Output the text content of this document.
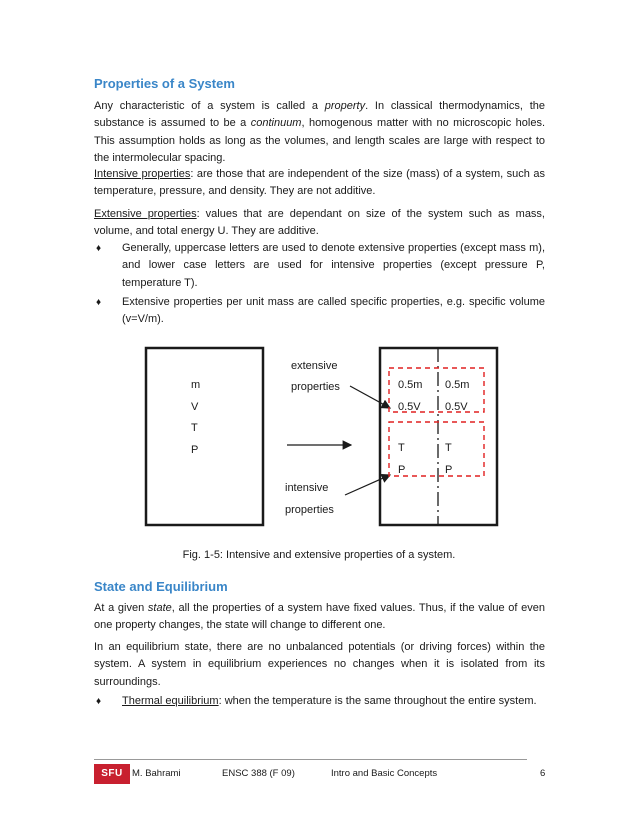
Properties of a System
Any characteristic of a system is called a property. In classical thermodynamics, the substance is assumed to be a continuum, homogenous matter with no microscopic holes. This assumption holds as long as the volumes, and length scales are large with respect to the intermolecular spacing.
Intensive properties: are those that are independent of the size (mass) of a system, such as temperature, pressure, and density. They are not additive.
Extensive properties: values that are dependant on size of the system such as mass, volume, and total energy U. They are additive.
♦	Generally, uppercase letters are used to denote extensive properties (except mass m), and lower case letters are used for intensive properties (except pressure P, temperature T).
♦	Extensive properties per unit mass are called specific properties, e.g. specific volume (v=V/m).
m
V
T
P
extensive
properties
intensive
properties
0.5m
0.5V
0.5m
0.5V
T
P
T
P
Fig. 1-5: Intensive and extensive properties of a system.
State and Equilibrium
At a given state, all the properties of a system have fixed values. Thus, if the value of even one property changes, the state will change to different one.
In an equilibrium state, there are no unbalanced potentials (or driving forces) within the system. A system in equilibrium experiences no changes when it is isolated from its surroundings.
♦	Thermal equilibrium: when the temperature is the same throughout the entire system.
SFU M. Bahrami	ENSC 388 (F 09)	Intro and Basic Concepts	6
